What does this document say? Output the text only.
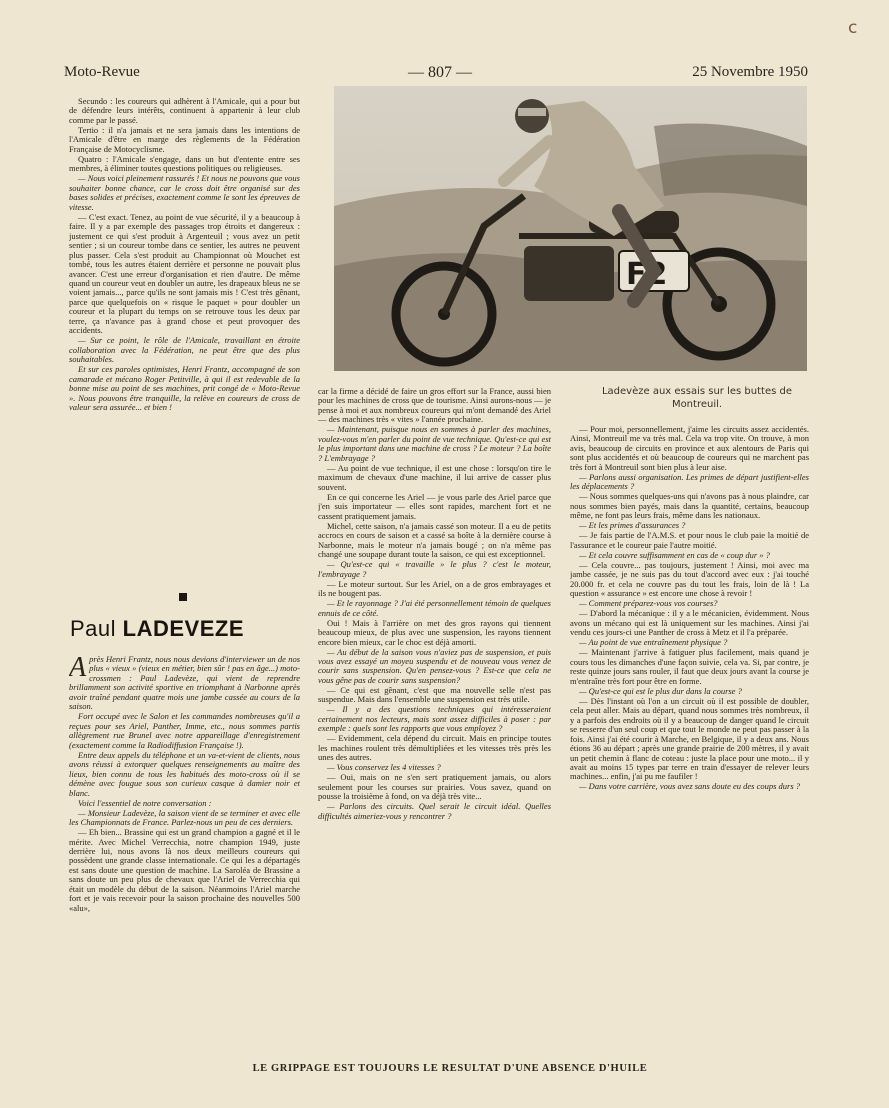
c
Moto-Revue	— 807 —	25 Novembre 1950

Secundo : les coureurs qui adhèrent à l'Amicale, qui a pour but de défendre leurs intérêts, continuent à appartenir à leur club comme par le passé.

Tertio : il n'a jamais et ne sera jamais dans les intentions de l'Amicale d'être en marge des règlements de la Fédération Française de Motocyclisme.

Quatro : l'Amicale s'engage, dans un but d'entente entre ses membres, à éliminer toutes questions politiques ou religieuses.

— Nous voici pleinement rassurés ! Et nous ne pouvons que vous souhaiter bonne chance, car le cross doit être organisé sur des bases solides et précises, exactement comme le sont les épreuves de vitesse.

— C'est exact. Tenez, au point de vue sécurité, il y a beaucoup à faire. Il y a par exemple des passages trop étroits et dangereux : justement ce qui s'est produit à Argenteuil ; vous avez un petit sentier ; si un coureur tombe dans ce sentier, les autres ne peuvent plus passer. Cela s'est produit au Championnat où Mouchet est tombé, tous les autres étaient derrière et personne ne pouvait plus avancer. C'est une erreur d'organisation et rien d'autre. De même quand un coureur veut en doubler un autre, les drapeaux bleus ne se voient jamais..., parce qu'ils ne sont jamais mis ! C'est très gênant, parce que quelquefois on « risque le paquet » pour doubler un coureur et la plupart du temps on se retrouve tous les deux par terre, ça n'avance pas à grand chose et peut provoquer des accidents.

— Sur ce point, le rôle de l'Amicale, travaillant en étroite collaboration avec la Fédération, ne peut être que des plus souhaitables.

Et sur ces paroles optimistes, Henri Frantz, accompagné de son camarade et mécano Roger Petitville, à qui il est redevable de la bonne mise au point de ses machines, prit congé de « Moto-Revue ». Nous pouvons être tranquille, la relève en coureurs de cross de valeur sera assurée... et bien !

Paul LADEVEZE

Après Henri Frantz, nous nous devions d'interviewer un de nos plus « vieux » (vieux en métier, bien sûr ! pas en âge...) moto-crossmen : Paul Ladevèze, qui vient de reprendre brillamment son activité sportive en triomphant à Narbonne après avoir traîné pendant quatre mois une jambe cassée au cours de la saison.

Fort occupé avec le Salon et les commandes nombreuses qu'il a reçues pour ses Ariel, Panther, Imme, etc., nous sommes partis allègrement rue Brunel avec notre appareillage d'enregistrement (exactement comme la Radiodiffusion Française !).

Entre deux appels du téléphone et un va-et-vient de clients, nous avons réussi à extorquer quelques renseignements au maître des lieux, bien connu de tous les habitués des moto-cross où il se démène avec fougue sous son curieux casque à damier noir et blanc.

Voici l'essentiel de notre conversation :

— Monsieur Ladevèze, la saison vient de se terminer et avec elle les Championnats de France. Parlez-nous un peu de ces derniers.

— Eh bien... Brassine qui est un grand champion a gagné et il le mérite. Avec Michel Verrecchia, notre champion 1949, juste derrière lui, nous avons là nos deux meilleurs coureurs qui possèdent une grande classe internationale. Ce qui les a départagés est sans doute une question de machine. La Saroléa de Brassine a sans doute un peu plus de chevaux que l'Ariel de Verrecchia qui était un modèle du début de la saison. Néanmoins l'Ariel marche fort et je vais recevoir pour la saison prochaine des nouvelles 500 «alu»,

F2
Ladevèze aux essais sur les buttes de Montreuil.

car la firme a décidé de faire un gros effort sur la France, aussi bien pour les machines de cross que de tourisme. Ainsi aurons-nous — je pense à moi et aux nombreux coureurs qui m'ont demandé des Ariel — des machines très « vites » l'année prochaine.

— Maintenant, puisque nous en sommes à parler des machines, voulez-vous m'en parler du point de vue technique. Qu'est-ce qui est le plus important dans une machine de cross ? Le moteur ? La boîte ? L'embrayage ?

— Au point de vue technique, il est une chose : lorsqu'on tire le maximum de chevaux d'une machine, il lui arrive de casser plus souvent.

En ce qui concerne les Ariel — je vous parle des Ariel parce que j'en suis importateur — elles sont rapides, marchent fort et ne cassent pratiquement jamais.

Michel, cette saison, n'a jamais cassé son moteur. Il a eu de petits accrocs en cours de saison et a cassé sa boîte à la dernière course à Narbonne, mais le moteur n'a jamais bougé ; on n'a même pas changé une soupape durant toute la saison, ce qui est exceptionnel.

— Qu'est-ce qui « travaille » le plus ? c'est le moteur, l'embrayage ?

— Le moteur surtout. Sur les Ariel, on a de gros embrayages et ils ne bougent pas.

— Et le rayonnage ? J'ai été personnellement témoin de quelques ennuis de ce côté.

Oui ! Mais à l'arrière on met des gros rayons qui tiennent beaucoup mieux, de plus avec une suspension, les rayons tiennent encore bien mieux, car le choc est déjà amorti.

— Au début de la saison vous n'aviez pas de suspension, et puis vous avez essayé un moyeu suspendu et de nouveau vous venez de courir sans suspension. Qu'en pensez-vous ? Est-ce que cela ne vous gêne pas de courir sans suspension?

— Ce qui est gênant, c'est que ma nouvelle selle n'est pas suspendue. Mais dans l'ensemble une suspension est très utile.

— Il y a des questions techniques qui intéresseraient certainement nos lecteurs, mais sont assez difficiles à poser : par exemple : quels sont les rapports que vous employez ?

— Evidemment, cela dépend du circuit. Mais en principe toutes les machines roulent très démultipliées et les vitesses très près les unes des autres.

— Vous conservez les 4 vitesses ?

— Oui, mais on ne s'en sert pratiquement jamais, ou alors seulement pour les courses sur prairies. Vous savez, quand on pousse la troisième à fond, on va déjà très vite...

— Parlons des circuits. Quel serait le circuit idéal. Quelles difficultés aimeriez-vous y rencontrer ?

— Pour moi, personnellement, j'aime les circuits assez accidentés. Ainsi, Montreuil me va très mal. Cela va trop vite. On trouve, à mon avis, beaucoup de circuits en province et aux alentours de Paris qui sont plus accidentés et où beaucoup de coureurs qui ne marchent pas très fort à Montreuil sont bien plus à leur aise.

— Parlons aussi organisation. Les primes de départ justifient-elles les déplacements ?

— Nous sommes quelques-uns qui n'avons pas à nous plaindre, car nous sommes bien payés, mais dans la quantité, certains, beaucoup même, ne font pas leurs frais, même dans les nationaux.

— Et les primes d'assurances ?

— Je fais partie de l'A.M.S. et pour nous le club paie la moitié de l'assurance et le coureur paie l'autre moitié.

— Et cela couvre suffisamment en cas de « coup dur » ?

— Cela couvre... pas toujours, justement ! Ainsi, moi avec ma jambe cassée, je ne suis pas du tout d'accord avec eux : j'ai touché 20.000 fr. et cela ne couvre pas du tout les frais, loin de là ! La question « assurance » est encore une chose à revoir !

— Comment préparez-vous vos courses?

— D'abord la mécanique : il y a le mécanicien, évidemment. Nous avons un mécano qui est là uniquement sur les machines. Ainsi j'ai vendu ces jours-ci une Panther de cross à Metz et il l'a préparée.

— Au point de vue entraînement physique ?

— Maintenant j'arrive à fatiguer plus facilement, mais quand je cours tous les dimanches d'une façon suivie, cela va. Si, par contre, je reste quinze jours sans rouler, il faut que deux jours avant la course je m'entraîne très fort pour être en forme.

— Qu'est-ce qui est le plus dur dans la course ?

— Dès l'instant où l'on a un circuit où il est possible de doubler, cela peut aller. Mais au départ, quand nous sommes très nombreux, il y a parfois des endroits où il y a beaucoup de danger quand le circuit se resserre d'un seul coup et que tout le monde ne peut pas passer à la fois. Ainsi j'ai été courir à Marche, en Belgique, il y a deux ans. Nous étions 36 au départ ; après une grande prairie de 200 mètres, il y avait un petit chemin à flanc de coteau : juste la place pour une moto... il y avait au moins 15 types par terre en train d'essayer de relever leurs machines... enfin, j'ai pu me faufiler !

— Dans votre carrière, vous avez sans doute eu des coups durs ?

LE GRIPPAGE EST TOUJOURS LE RESULTAT D'UNE ABSENCE D'HUILE
